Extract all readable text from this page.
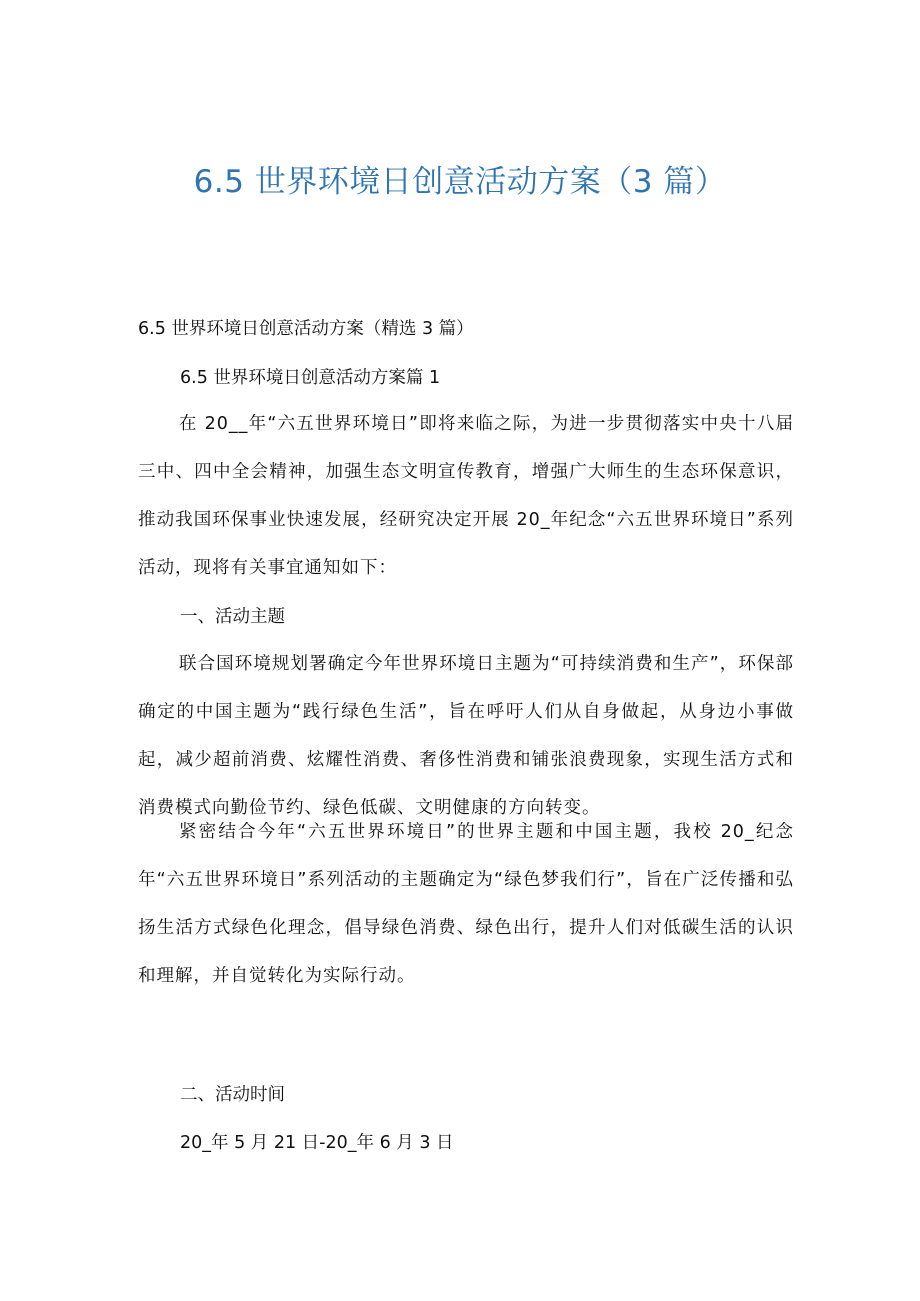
6.5 世界环境日创意活动方案（3 篇）
6.5 世界环境日创意活动方案（精选 3 篇）
6.5 世界环境日创意活动方案篇 1
在 20__年“六五世界环境日”即将来临之际，为进一步贯彻落实中央十八届三中、四中全会精神，加强生态文明宣传教育，增强广大师生的生态环保意识，推动我国环保事业快速发展，经研究决定开展 20_年纪念“六五世界环境日”系列活动，现将有关事宜通知如下：
一、活动主题
联合国环境规划署确定今年世界环境日主题为“可持续消费和生产”，环保部确定的中国主题为“践行绿色生活”，旨在呼吁人们从自身做起，从身边小事做起，减少超前消费、炫耀性消费、奢侈性消费和铺张浪费现象，实现生活方式和消费模式向勤俭节约、绿色低碳、文明健康的方向转变。
紧密结合今年“六五世界环境日”的世界主题和中国主题，我校 20_纪念年“六五世界环境日”系列活动的主题确定为“绿色梦我们行”，旨在广泛传播和弘扬生活方式绿色化理念，倡导绿色消费、绿色出行，提升人们对低碳生活的认识和理解，并自觉转化为实际行动。
二、活动时间
20_年 5 月 21 日-20_年 6 月 3 日
